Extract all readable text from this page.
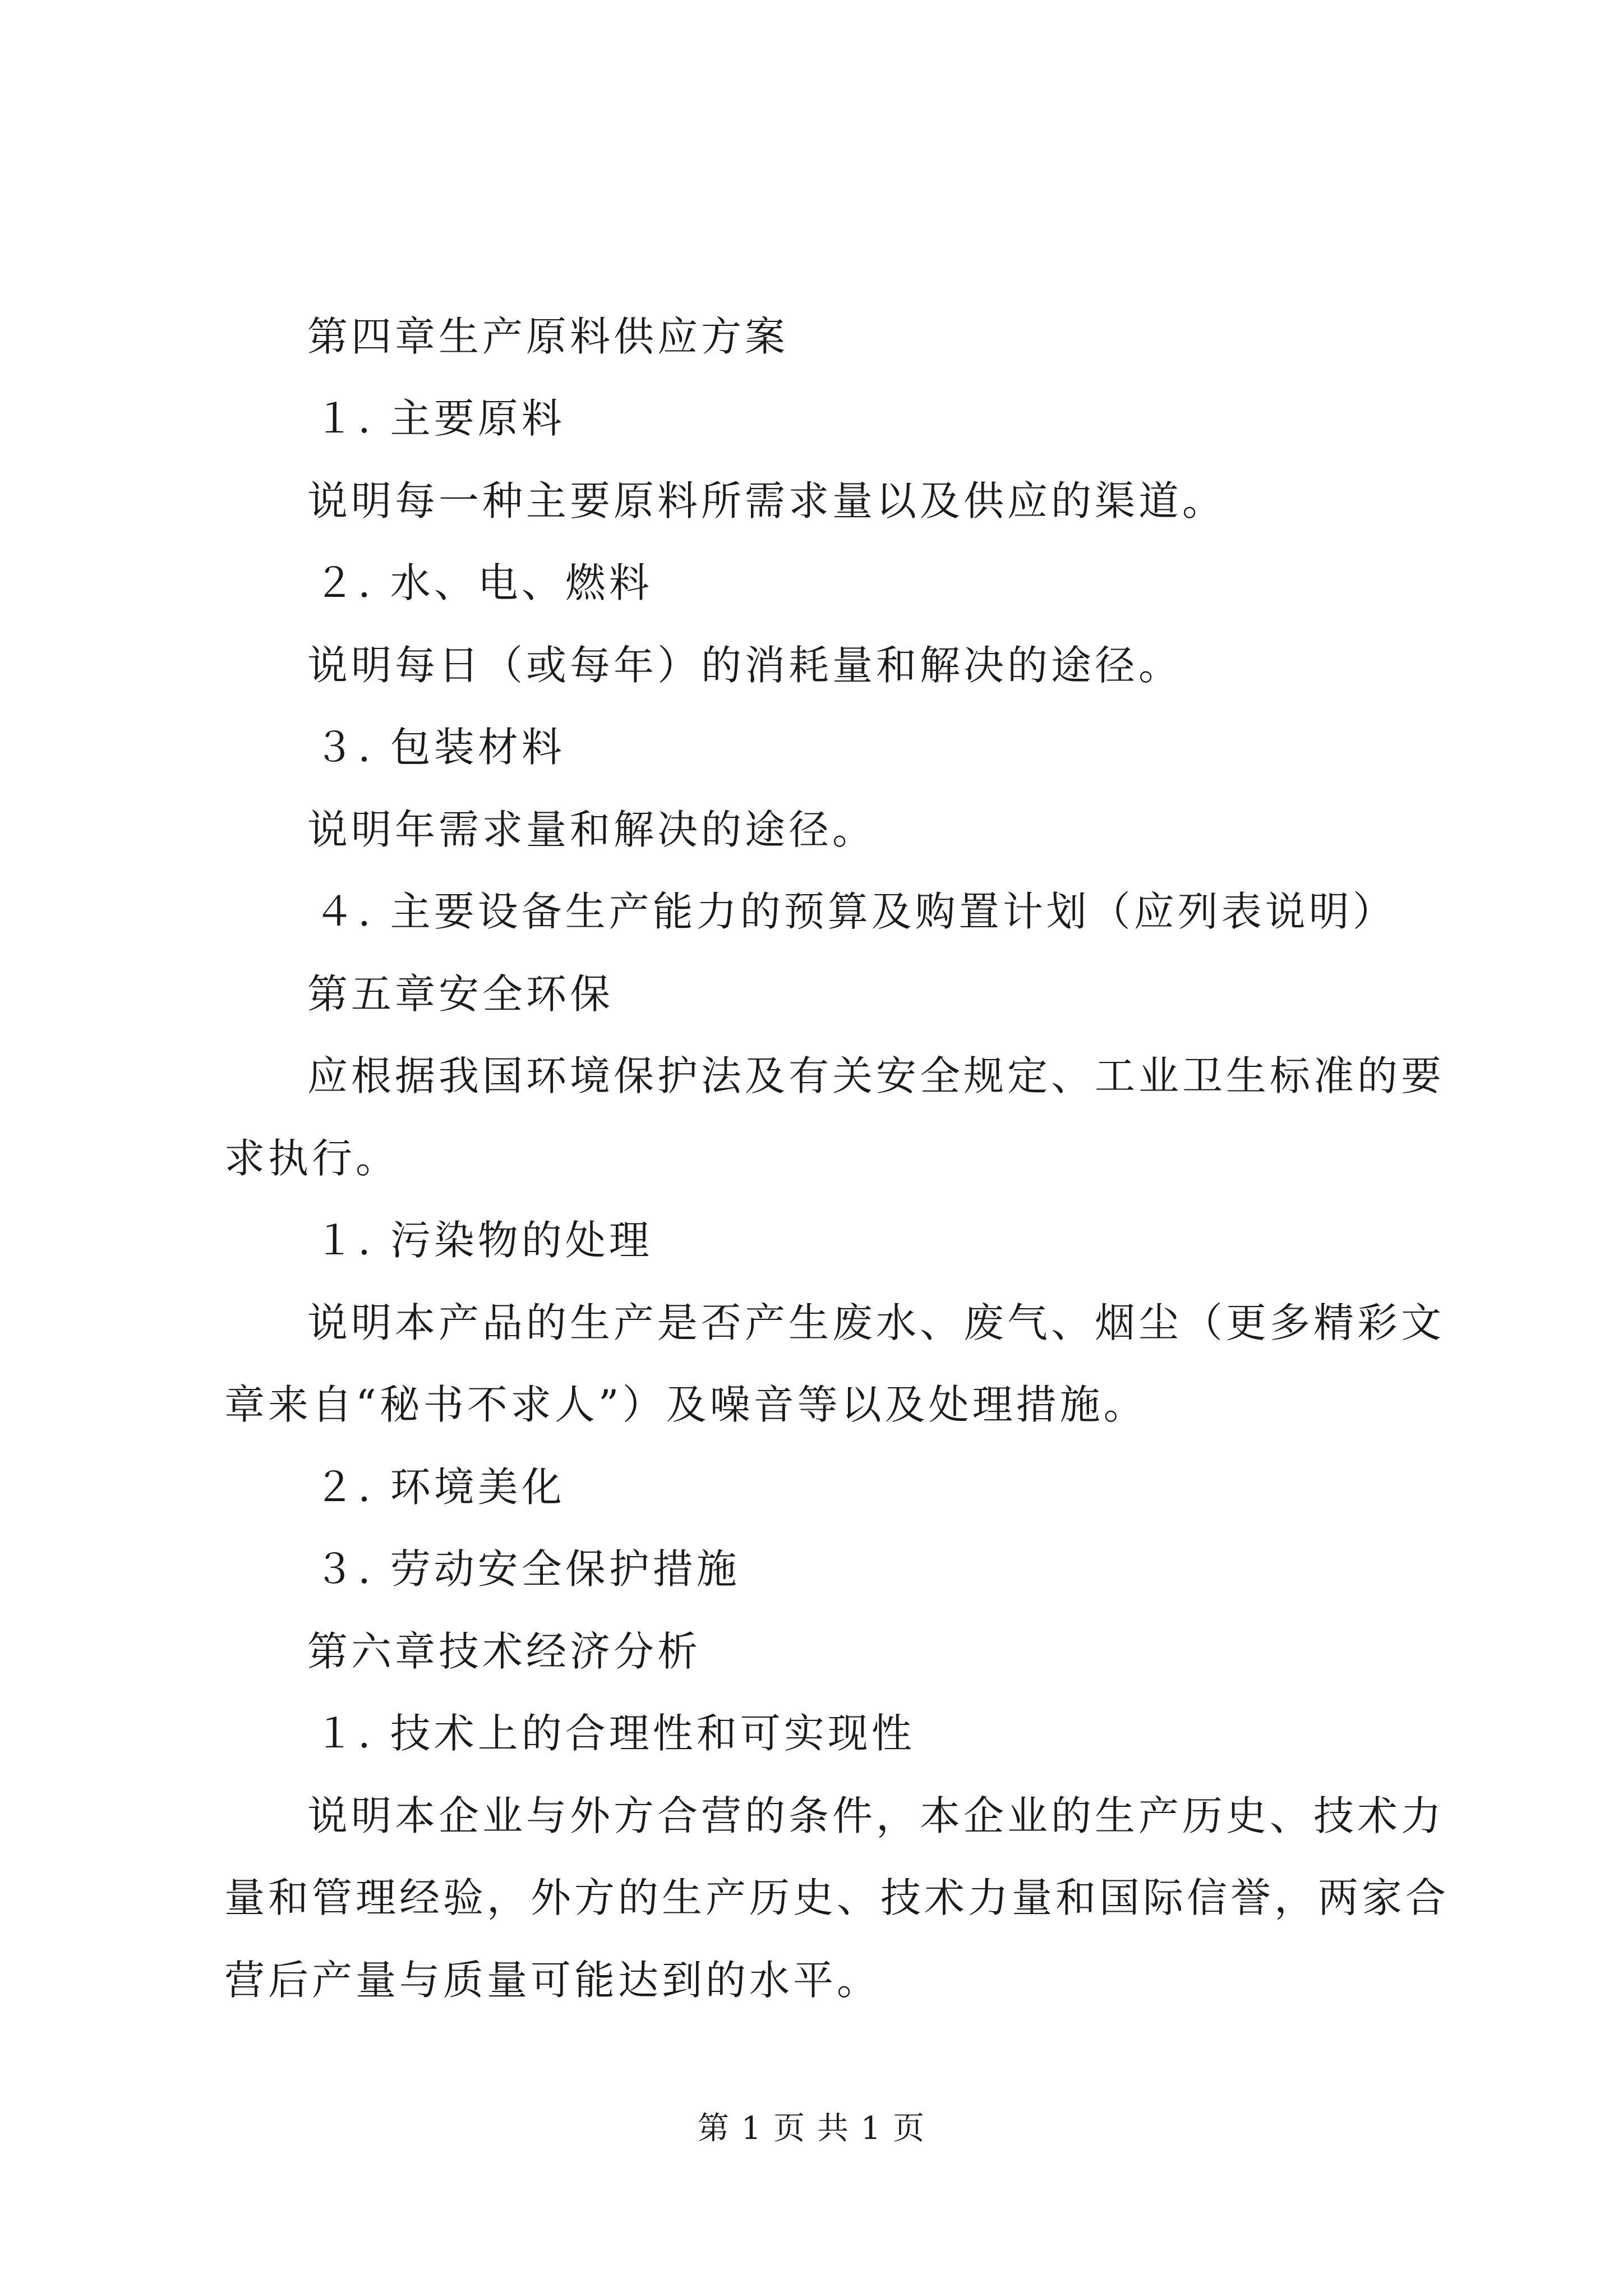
第四章生产原料供应方案
１. 主要原料
说明每一种主要原料所需求量以及供应的渠道。
２. 水、电、燃料
说明每日（或每年）的消耗量和解决的途径。
３. 包装材料
说明年需求量和解决的途径。
４. 主要设备生产能力的预算及购置计划（应列表说明）
第五章安全环保
应根据我国环境保护法及有关安全规定、工业卫生标准的要
求执行。
１. 污染物的处理
说明本产品的生产是否产生废水、废气、烟尘（更多精彩文
章来自“秘书不求人”）及噪音等以及处理措施。
２. 环境美化
３. 劳动安全保护措施
第六章技术经济分析
１. 技术上的合理性和可实现性
说明本企业与外方合营的条件，本企业的生产历史、技术力
量和管理经验，外方的生产历史、技术力量和国际信誉，两家合
营后产量与质量可能达到的水平。
第 1 页 共 1 页
